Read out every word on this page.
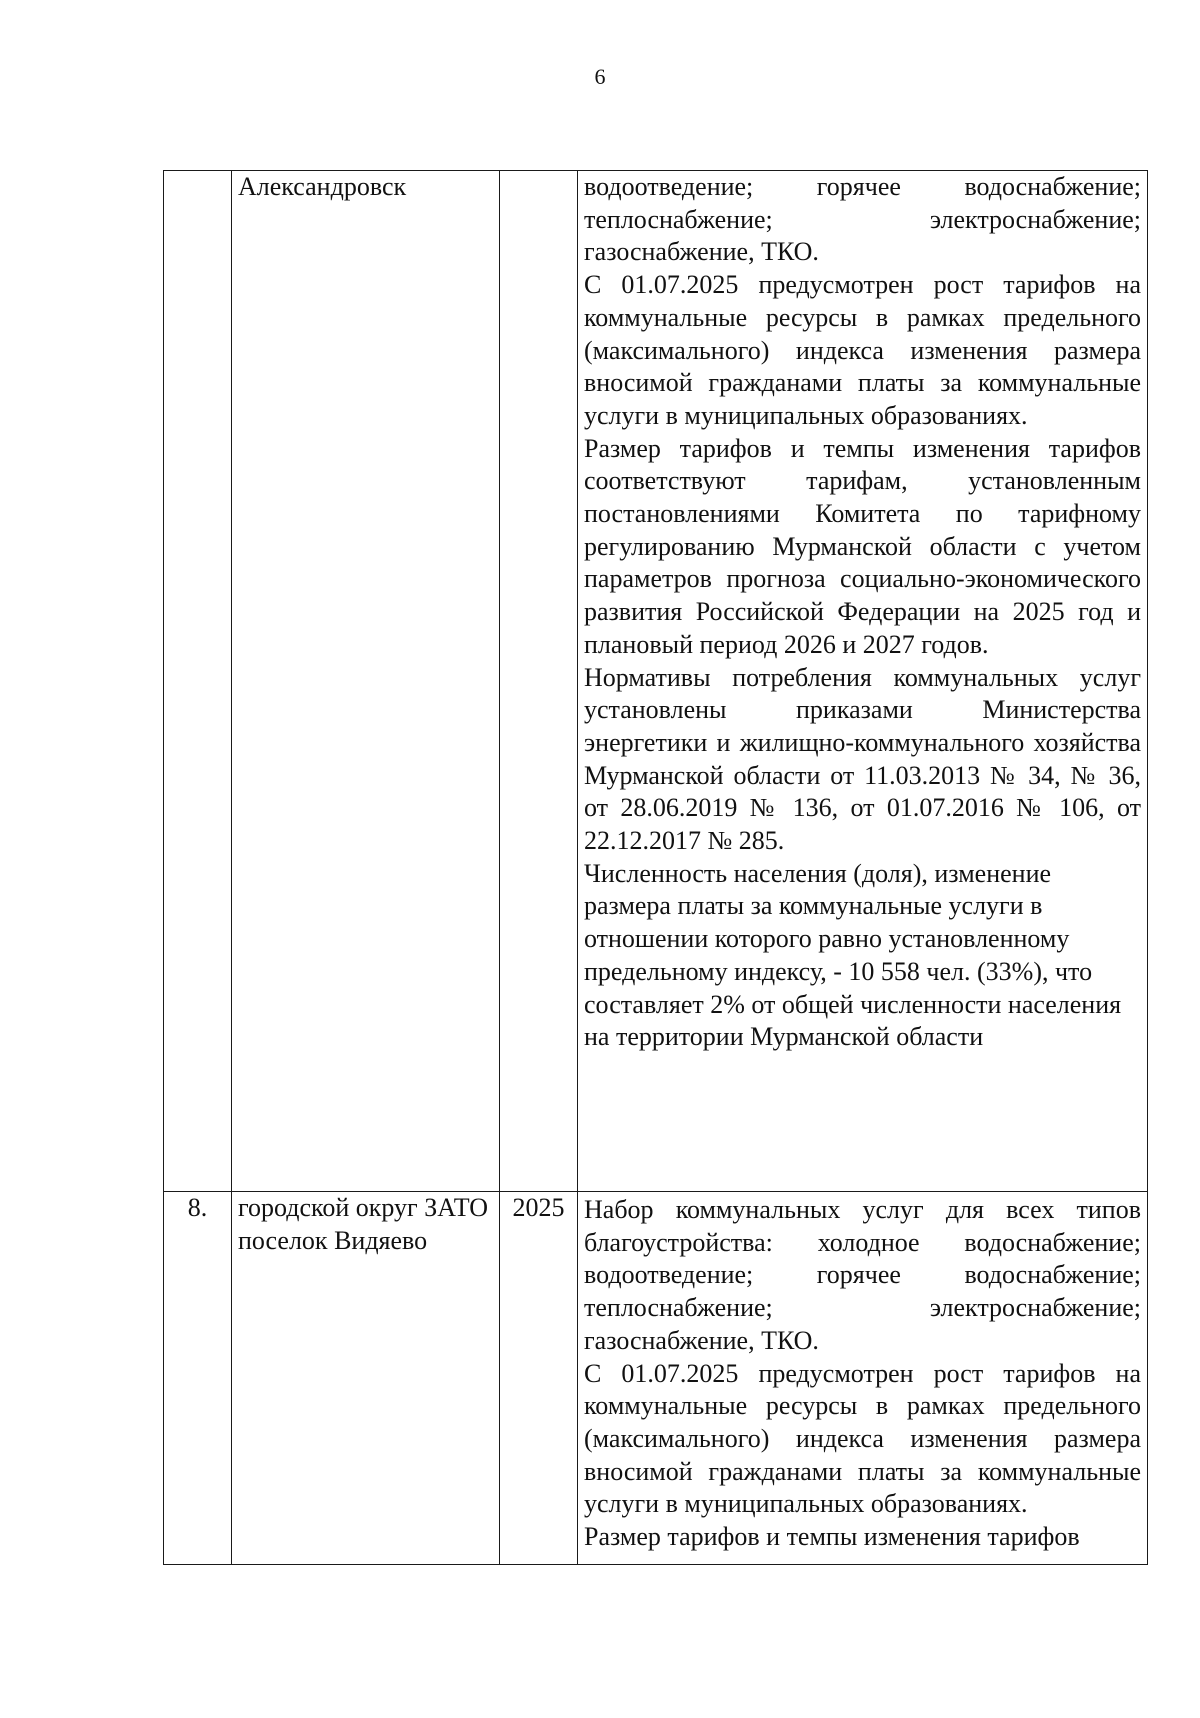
6
	Александровск		водоотведение; горячее водоснабжение; теплоснабжение; электроснабжение; газоснабжение, ТКО.

С 01.07.2025 предусмотрен рост тарифов на коммунальные ресурсы в рамках предельного (максимального) индекса изменения размера вносимой гражданами платы за коммунальные услуги в муниципальных образованиях.

Размер тарифов и темпы изменения тарифов соответствуют тарифам, установленным постановлениями Комитета по тарифному регулированию Мурманской области с учетом параметров прогноза социально-экономического развития Российской Федерации на 2025 год и плановый период 2026 и 2027 годов.

Нормативы потребления коммунальных услуг установлены приказами Министерства энергетики и жилищно-коммунального хозяйства Мурманской области от 11.03.2013 № 34, № 36, от 28.06.2019 № 136, от 01.07.2016 № 106, от 22.12.2017 № 285.

Численность населения (доля), изменение размера платы за коммунальные услуги в отношении которого равно установленному предельному индексу, - 10 558 чел. (33%), что составляет 2% от общей численности населения на территории Мурманской области

8.	городской округ ЗАТО поселок Видяево	2025	Набор коммунальных услуг для всех типов благоустройства: холодное водоснабжение; водоотведение; горячее водоснабжение; теплоснабжение; электроснабжение; газоснабжение, ТКО.

С 01.07.2025 предусмотрен рост тарифов на коммунальные ресурсы в рамках предельного (максимального) индекса изменения размера вносимой гражданами платы за коммунальные услуги в муниципальных образованиях.

Размер тарифов и темпы изменения тарифов
